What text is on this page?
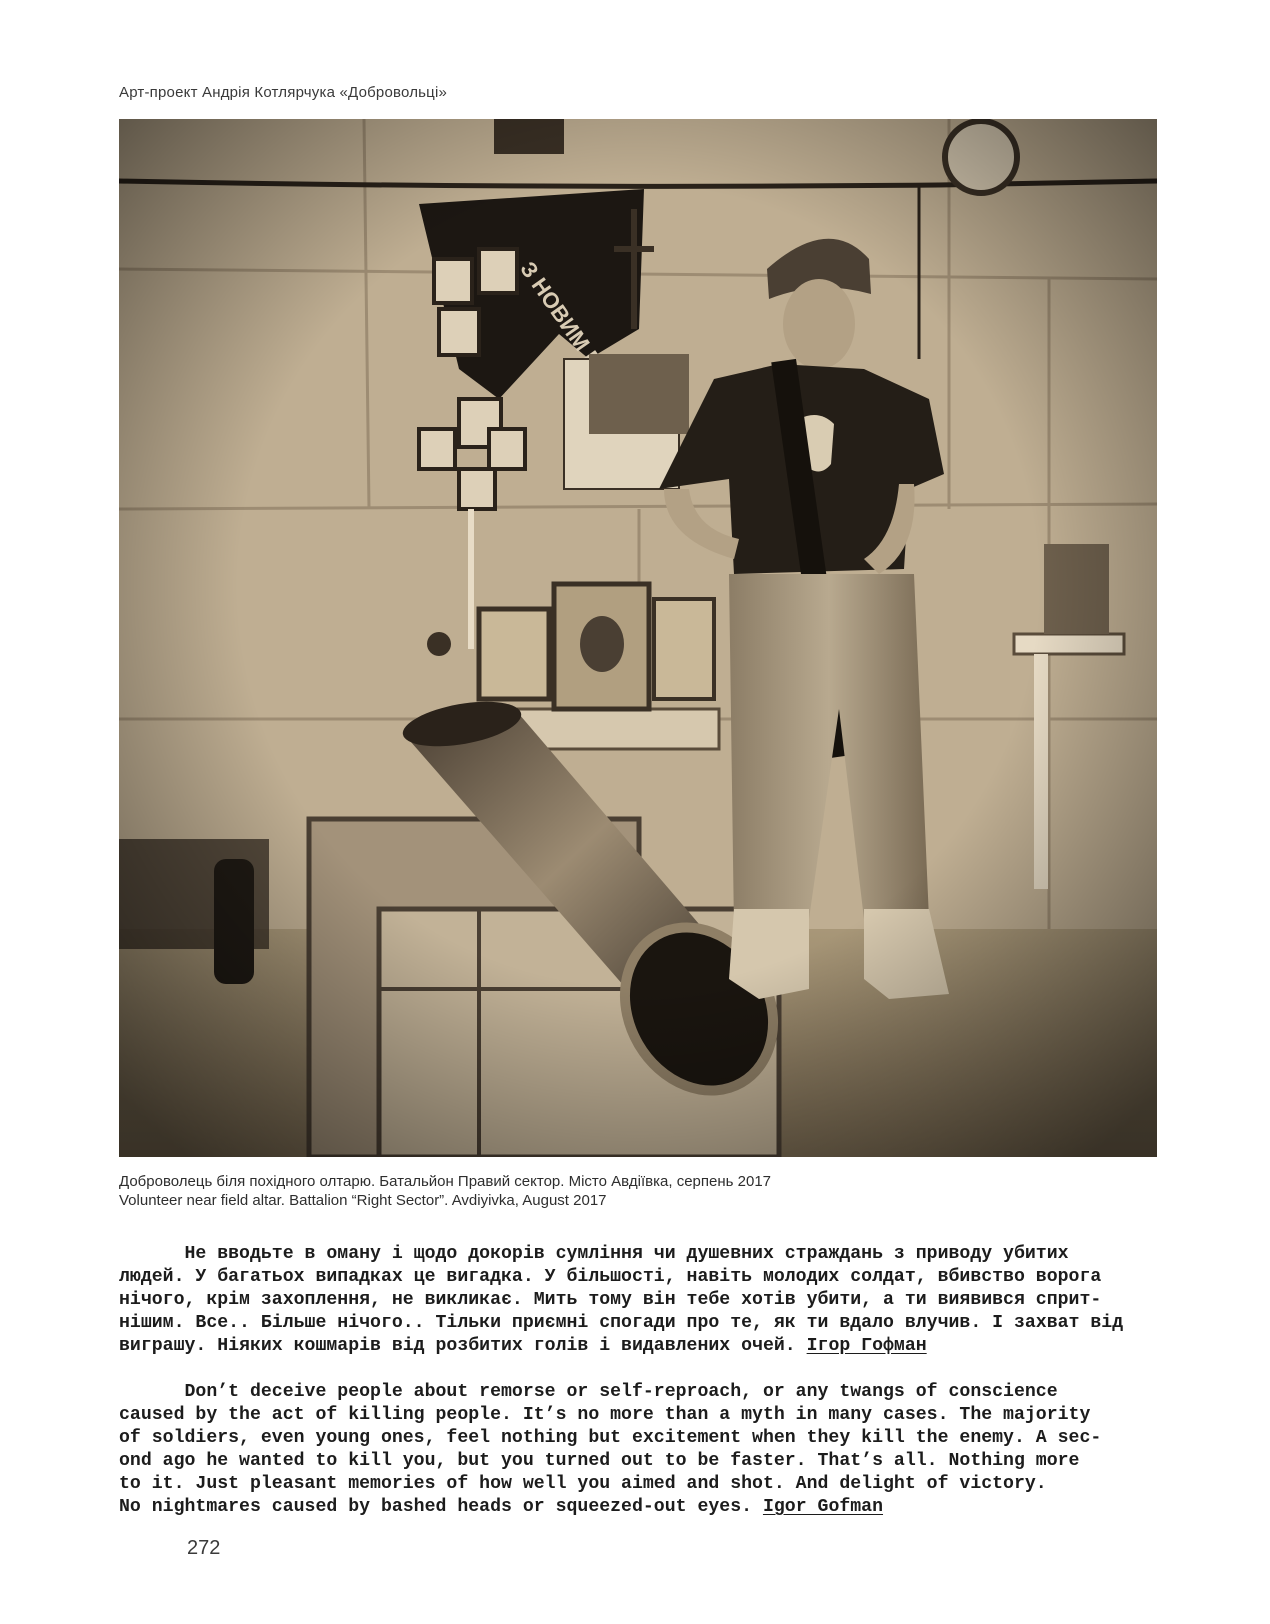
Арт-проект Андрія Котлярчука «Добровольці»
Доброволець біля похідного олтарю. Батальйон Правий сектор. Місто Авдіївка, серпень 2017
Volunteer near field altar. Battalion “Right Sector”. Avdiyivka, August 2017
Не вводьте в оману і щодо докорів сумління чи душевних страждань з приводу убитих
людей. У багатьох випадках це вигадка. У більшості, навіть молодих солдат, вбивство ворога
нічого, крім захоплення, не викликає. Мить тому він тебе хотів убити, а ти виявився сприт-
нішим. Все.. Більше нічого.. Тільки приємні спогади про те, як ти вдало влучив. І захват від
виграшу. Ніяких кошмарів від розбитих голів і видавлених очей. Ігор Гофман
Don’t deceive people about remorse or self-reproach, or any twangs of conscience
caused by the act of killing people. It’s no more than a myth in many cases. The majority
of soldiers, even young ones, feel nothing but excitement when they kill the enemy. A sec-
ond ago he wanted to kill you, but you turned out to be faster. That’s all. Nothing more
to it. Just pleasant memories of how well you aimed and shot. And delight of victory.
No nightmares caused by bashed heads or squeezed-out eyes. Igor Gofman
272
